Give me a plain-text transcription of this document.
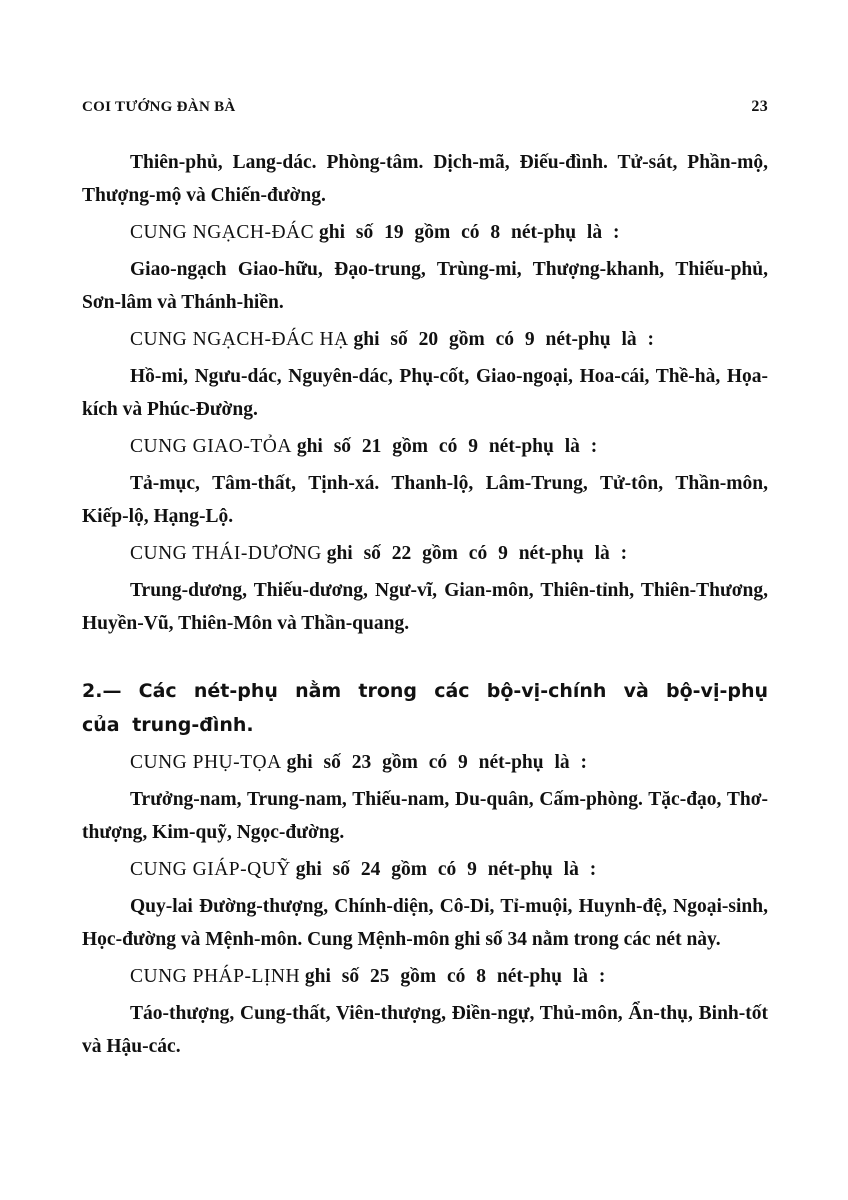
COI TƯỚNG ĐÀN BÀ	23

Thiên-phủ, Lang-dác. Phòng-tâm. Dịch-mã, Điếu-đình. Tử-sát, Phần-mộ, Thượng-mộ và Chiến-đường.

CUNG NGẠCH-ĐÁC ghi số 19 gồm có 8 nét-phụ là :

Giao-ngạch Giao-hữu, Đạo-trung, Trùng-mi, Thượng-khanh, Thiếu-phủ, Sơn-lâm và Thánh-hiền.

CUNG NGẠCH-ĐÁC HẠ ghi số 20 gồm có 9 nét-phụ là :

Hồ-mi, Ngưu-dác, Nguyên-dác, Phụ-cốt, Giao-ngoại, Hoa-cái, Thề-hà, Họa-kích và Phúc-Đường.

CUNG GIAO-TỎA ghi số 21 gồm có 9 nét-phụ là :

Tả-mục, Tâm-thất, Tịnh-xá. Thanh-lộ, Lâm-Trung, Tử-tôn, Thần-môn, Kiếp-lộ, Hạng-Lộ.

CUNG THÁI-DƯƠNG ghi số 22 gồm có 9 nét-phụ là :

Trung-dương, Thiếu-dương, Ngư-vĩ, Gian-môn, Thiên-tỉnh, Thiên-Thương, Huyền-Vũ, Thiên-Môn và Thần-quang.

2.— Các nét-phụ nằm trong các bộ-vị-chính và bộ-vị-phụ của trung-đình.

CUNG PHỤ-TỌA ghi số 23 gồm có 9 nét-phụ là :

Trưởng-nam, Trung-nam, Thiếu-nam, Du-quân, Cấm-phòng. Tặc-đạo, Thơ-thượng, Kim-quỹ, Ngọc-đường.

CUNG GIÁP-QUỸ ghi số 24 gồm có 9 nét-phụ là :

Quy-lai Đường-thượng, Chính-diện, Cô-Di, Tỉ-muội, Huynh-đệ, Ngoại-sinh, Học-đường và Mệnh-môn. Cung Mệnh-môn ghi số 34 nằm trong các nét này.

CUNG PHÁP-LỊNH ghi số 25 gồm có 8 nét-phụ là :

Táo-thượng, Cung-thất, Viên-thượng, Điền-ngự, Thủ-môn, Ẩn-thụ, Binh-tốt và Hậu-các.
